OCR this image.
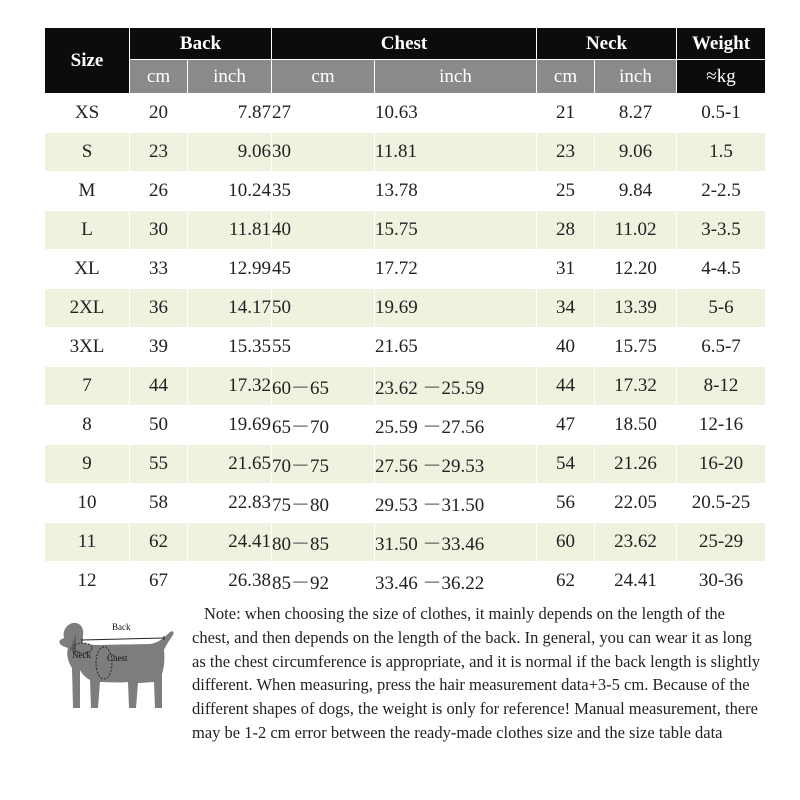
Size	Back		Chest		Neck		Weight
	cm	inch	cm	inch	cm	inch	≈kg
XS	20	7.87	27	10.63	21	8.27	0.5-1
S	23	9.06	30	11.81	23	9.06	1.5
M	26	10.24	35	13.78	25	9.84	2-2.5
L	30	11.81	40	15.75	28	11.02	3-3.5
XL	33	12.99	45	17.72	31	12.20	4-4.5
2XL	36	14.17	50	19.69	34	13.39	5-6
3XL	39	15.35	55	21.65	40	15.75	6.5-7
7	44	17.32	60－65	23.62 －25.59	44	17.32	8-12
8	50	19.69	65－70	25.59 －27.56	47	18.50	12-16
9	55	21.65	70－75	27.56 －29.53	54	21.26	16-20
10	58	22.83	75－80	29.53 －31.50	56	22.05	20.5-25
11	62	24.41	80－85	31.50 －33.46	60	23.62	25-29
12	67	26.38	85－92	33.46 －36.22	62	24.41	30-36
Back
Neck Chest

Note: when choosing the size of clothes, it mainly depends on the length of the chest, and then depends on the length of the back. In general, you can wear it as long as the chest circumference is appropriate, and it is normal if the back length is slightly different. When measuring, press the hair measurement data+3-5 cm. Because of the different shapes of dogs, the weight is only for reference! Manual measurement, there may be 1-2 cm error between the ready-made clothes size and the size table data
